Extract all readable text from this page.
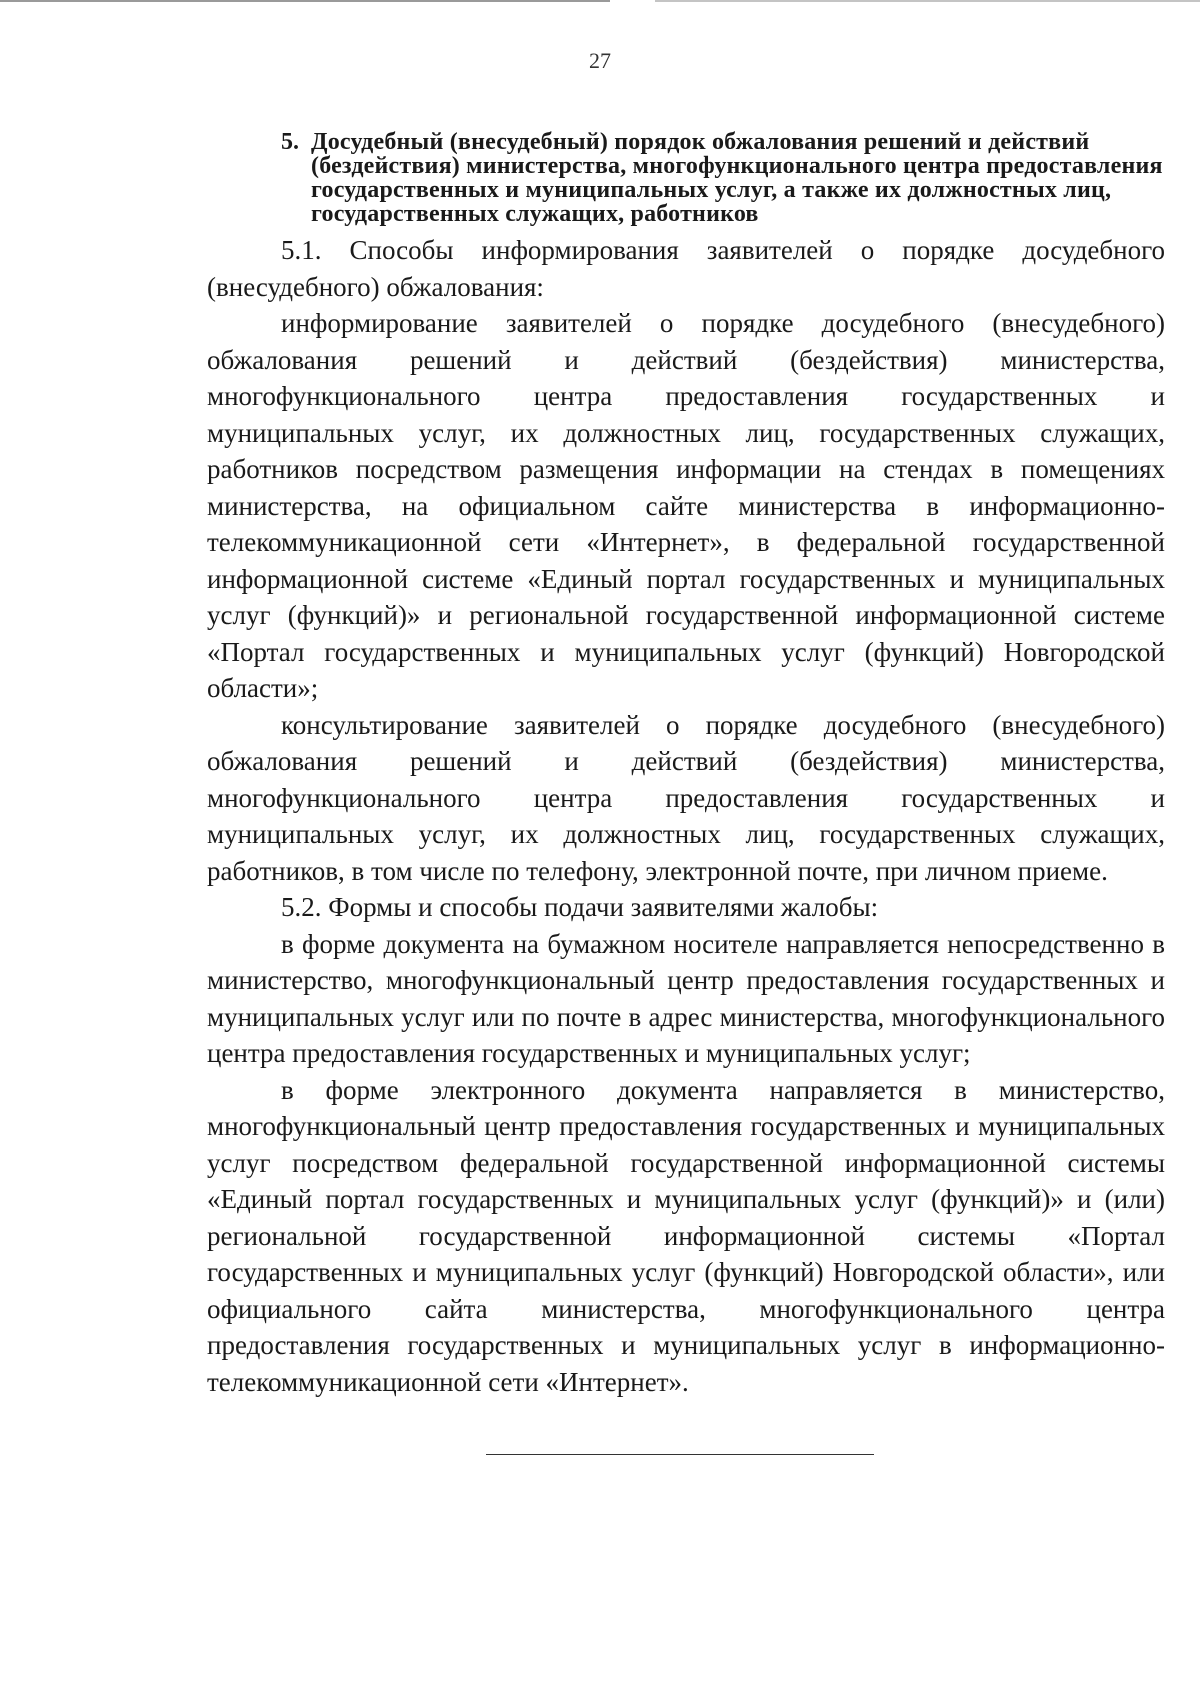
27
5. Досудебный (внесудебный) порядок обжалования решений и действий (бездействия) министерства, многофункционального центра предоставления государственных и муниципальных услуг, а также их должностных лиц, государственных служащих, работников

5.1. Способы информирования заявителей о порядке досудебного (внесудебного) обжалования:

информирование заявителей о порядке досудебного (внесудебного) обжалования решений и действий (бездействия) министерства, многофункционального центра предоставления государственных и муниципальных услуг, их должностных лиц, государственных служащих, работников посредством размещения информации на стендах в помещениях министерства, на официальном сайте министерства в информационно-телекоммуникационной сети «Интернет», в федеральной государственной информационной системе «Единый портал государственных и муниципальных услуг (функций)» и региональной государственной информационной системе «Портал государственных и муниципальных услуг (функций) Новгородской области»;

консультирование заявителей о порядке досудебного (внесудебного) обжалования решений и действий (бездействия) министерства, многофункционального центра предоставления государственных и муниципальных услуг, их должностных лиц, государственных служащих, работников, в том числе по телефону, электронной почте, при личном приеме.

5.2. Формы и способы подачи заявителями жалобы:

в форме документа на бумажном носителе направляется непосредственно в министерство, многофункциональный центр предоставления государственных и муниципальных услуг или по почте в адрес министерства, многофункционального центра предоставления государственных и муниципальных услуг;

в форме электронного документа направляется в министерство, многофункциональный центр предоставления государственных и муниципальных услуг посредством федеральной государственной информационной системы «Единый портал государственных и муниципальных услуг (функций)» и (или) региональной государственной информационной системы «Портал государственных и муниципальных услуг (функций) Новгородской области», или официального сайта министерства, многофункционального центра предоставления государственных и муниципальных услуг в информационно-телекоммуникационной сети «Интернет».
